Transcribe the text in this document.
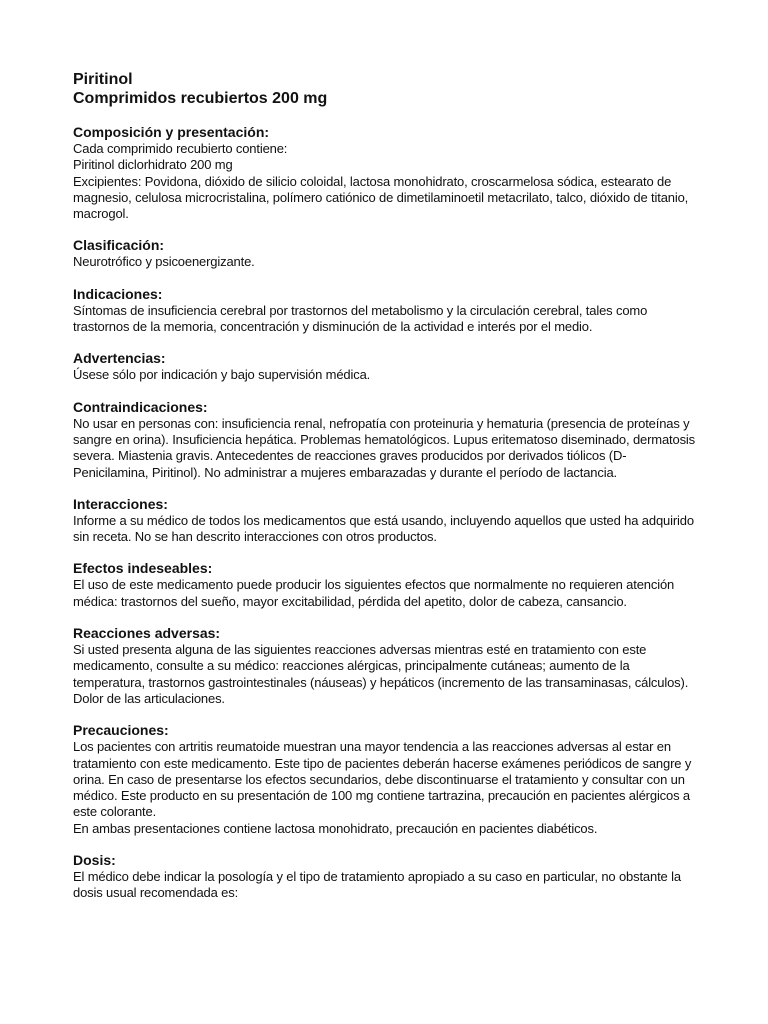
Piritinol
Comprimidos recubiertos 200 mg
Composición y presentación:

Cada comprimido recubierto contiene:

Piritinol diclorhidrato 200 mg

Excipientes: Povidona, dióxido de silicio coloidal, lactosa monohidrato, croscarmelosa sódica, estearato de magnesio, celulosa microcristalina, polímero catiónico de dimetilaminoetil metacrilato, talco, dióxido de titanio, macrogol.

Clasificación:

Neurotrófico y psicoenergizante.

Indicaciones:

Síntomas de insuficiencia cerebral por trastornos del metabolismo y la circulación cerebral, tales como trastornos de la memoria, concentración y disminución de la actividad e interés por el medio.

Advertencias:

Úsese sólo por indicación y bajo supervisión médica.

Contraindicaciones:

No usar en personas con: insuficiencia renal, nefropatía con proteinuria y hematuria (presencia de proteínas y sangre en orina). Insuficiencia hepática. Problemas hematológicos. Lupus eritematoso diseminado, dermatosis severa. Miastenia gravis. Antecedentes de reacciones graves producidos por derivados tiólicos (D-Penicilamina, Piritinol). No administrar a mujeres embarazadas y durante el período de lactancia.

Interacciones:

Informe a su médico de todos los medicamentos que está usando, incluyendo aquellos que usted ha adquirido sin receta. No se han descrito interacciones con otros productos.

Efectos indeseables:

El uso de este medicamento puede producir los siguientes efectos que normalmente no requieren atención médica: trastornos del sueño, mayor excitabilidad, pérdida del apetito, dolor de cabeza, cansancio.

Reacciones adversas:

Si usted presenta alguna de las siguientes reacciones adversas mientras esté en tratamiento con este medicamento, consulte a su médico: reacciones alérgicas, principalmente cutáneas; aumento de la temperatura, trastornos gastrointestinales (náuseas) y hepáticos (incremento de las transaminasas, cálculos). Dolor de las articulaciones.

Precauciones:

Los pacientes con artritis reumatoide muestran una mayor tendencia a las reacciones adversas al estar en tratamiento con este medicamento. Este tipo de pacientes deberán hacerse exámenes periódicos de sangre y orina. En caso de presentarse los efectos secundarios, debe discontinuarse el tratamiento y consultar con un médico. Este producto en su presentación de 100 mg contiene tartrazina, precaución en pacientes alérgicos a este colorante.

En ambas presentaciones contiene lactosa monohidrato, precaución en pacientes diabéticos.

Dosis:

El médico debe indicar la posología y el tipo de tratamiento apropiado a su caso en particular, no obstante la dosis usual recomendada es:
